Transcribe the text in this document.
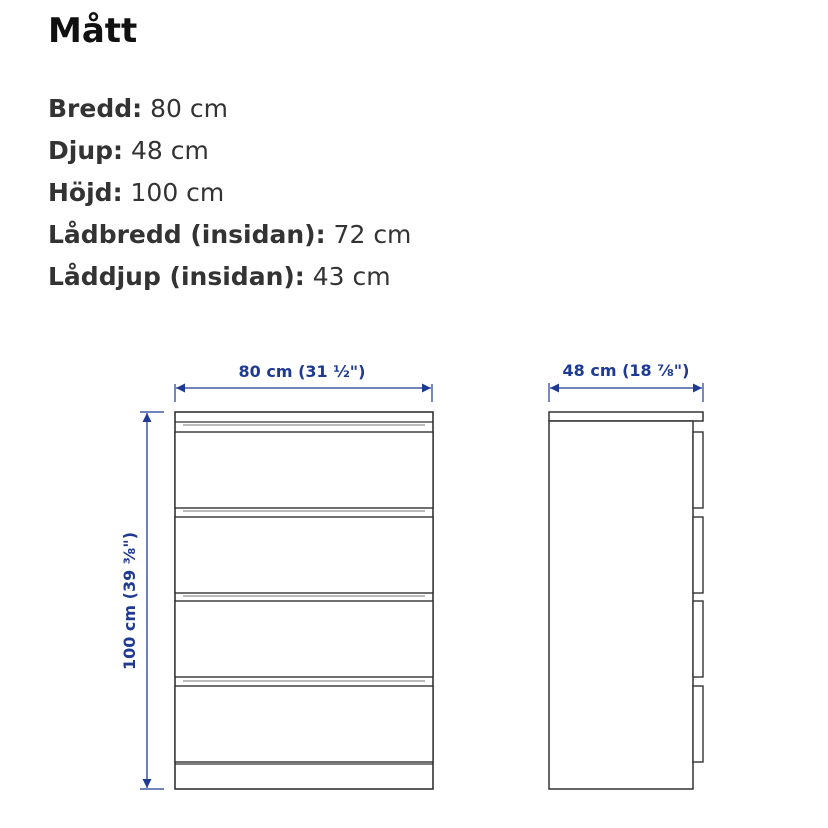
Mått
Bredd: 80 cm
Djup: 48 cm
Höjd: 100 cm
Lådbredd (insidan): 72 cm
Låddjup (insidan): 43 cm
80 cm (31 ½")
100 cm (39 ⅜")
48 cm (18 ⅞")
